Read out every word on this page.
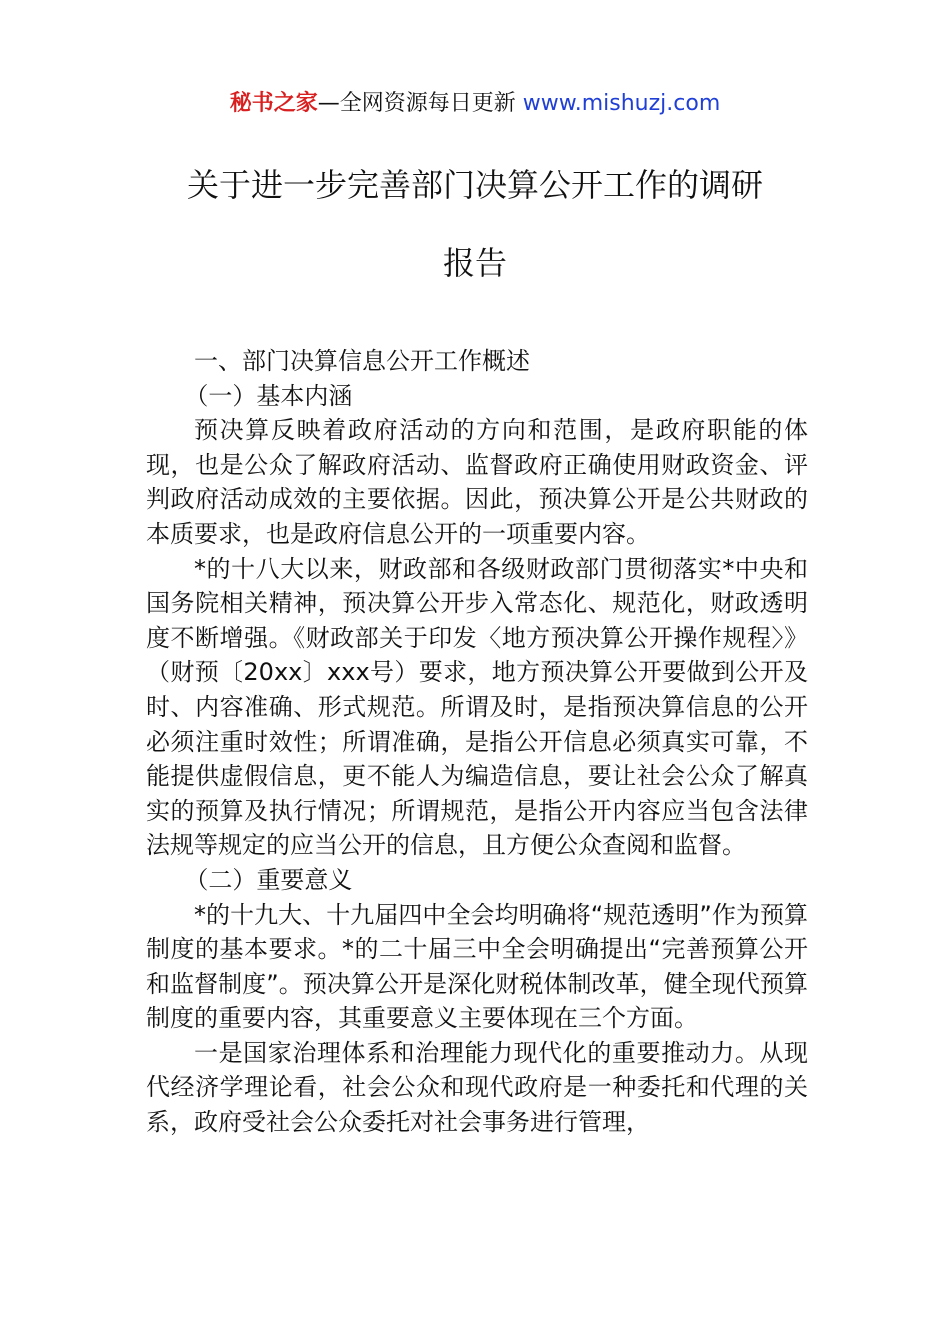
秘书之家—全网资源每日更新 www.mishuzj.com
关于进一步完善部门决算公开工作的调研
报告

一、部门决算信息公开工作概述

（一）基本内涵

预决算反映着政府活动的方向和范围，是政府职能的体现，也是公众了解政府活动、监督政府正确使用财政资金、评判政府活动成效的主要依据。因此，预决算公开是公共财政的本质要求，也是政府信息公开的一项重要内容。

*的十八大以来，财政部和各级财政部门贯彻落实*中央和国务院相关精神，预决算公开步入常态化、规范化，财政透明度不断增强。《财政部关于印发〈地方预决算公开操作规程〉》（财预〔20xx〕xxx号）要求，地方预决算公开要做到公开及时、内容准确、形式规范。所谓及时，是指预决算信息的公开必须注重时效性；所谓准确，是指公开信息必须真实可靠，不能提供虚假信息，更不能人为编造信息，要让社会公众了解真实的预算及执行情况；所谓规范，是指公开内容应当包含法律法规等规定的应当公开的信息，且方便公众查阅和监督。

（二）重要意义

*的十九大、十九届四中全会均明确将“规范透明”作为预算制度的基本要求。*的二十届三中全会明确提出“完善预算公开和监督制度”。预决算公开是深化财税体制改革，健全现代预算制度的重要内容，其重要意义主要体现在三个方面。

一是国家治理体系和治理能力现代化的重要推动力。从现代经济学理论看，社会公众和现代政府是一种委托和代理的关系，政府受社会公众委托对社会事务进行管理，
